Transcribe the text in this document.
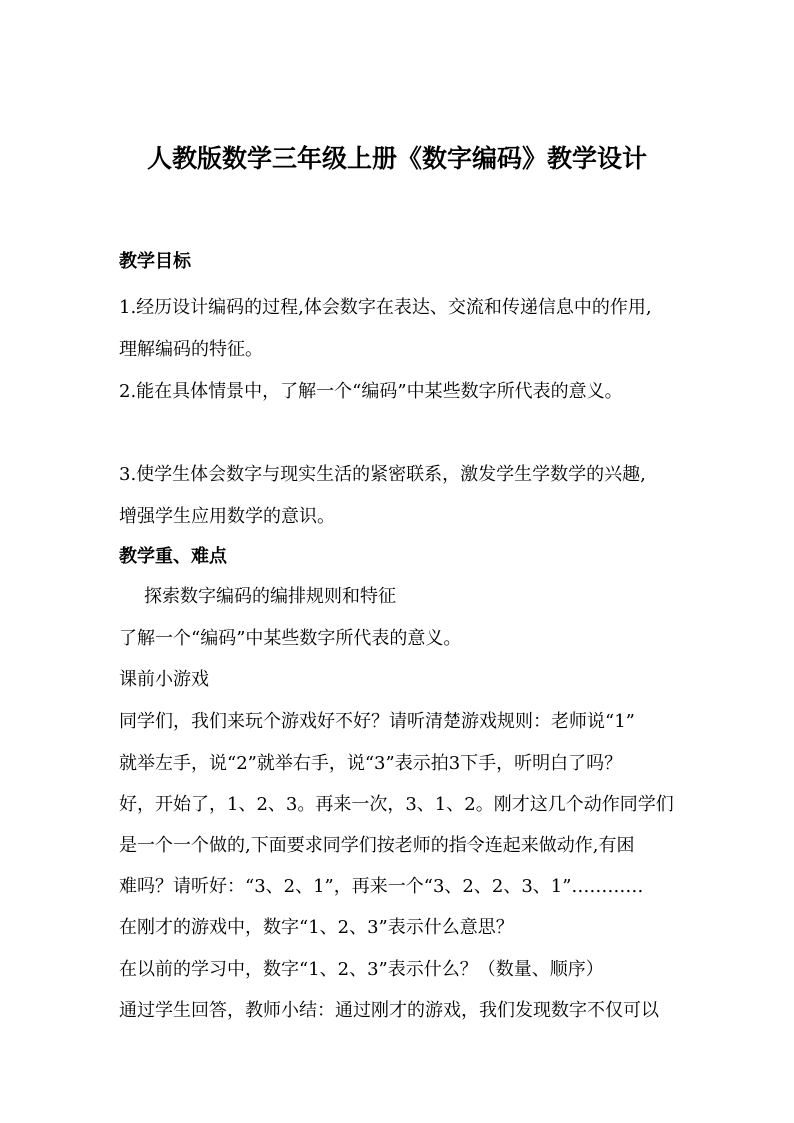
人教版数学三年级上册《数字编码》教学设计
教学目标
1.经历设计编码的过程,体会数字在表达、交流和传递信息中的作用,
理解编码的特征。
2.能在具体情景中，了解一个“编码”中某些数字所代表的意义。
3.使学生体会数字与现实生活的紧密联系，激发学生学数学的兴趣,
增强学生应用数学的意识。
教学重、难点
探索数字编码的编排规则和特征
了解一个“编码”中某些数字所代表的意义。
课前小游戏
同学们，我们来玩个游戏好不好？请听清楚游戏规则：老师说“1”
就举左手，说“2”就举右手，说“3”表示拍3下手，听明白了吗？
好，开始了，1、2、3。再来一次，3、1、2。刚才这几个动作同学们
是一个一个做的,下面要求同学们按老师的指令连起来做动作,有困
难吗？请听好：“3、2、1”，再来一个“3、2、2、3、1”…………
在刚才的游戏中，数字“1、2、3”表示什么意思？
在以前的学习中，数字“1、2、3”表示什么？（数量、顺序）
通过学生回答，教师小结：通过刚才的游戏，我们发现数字不仅可以
